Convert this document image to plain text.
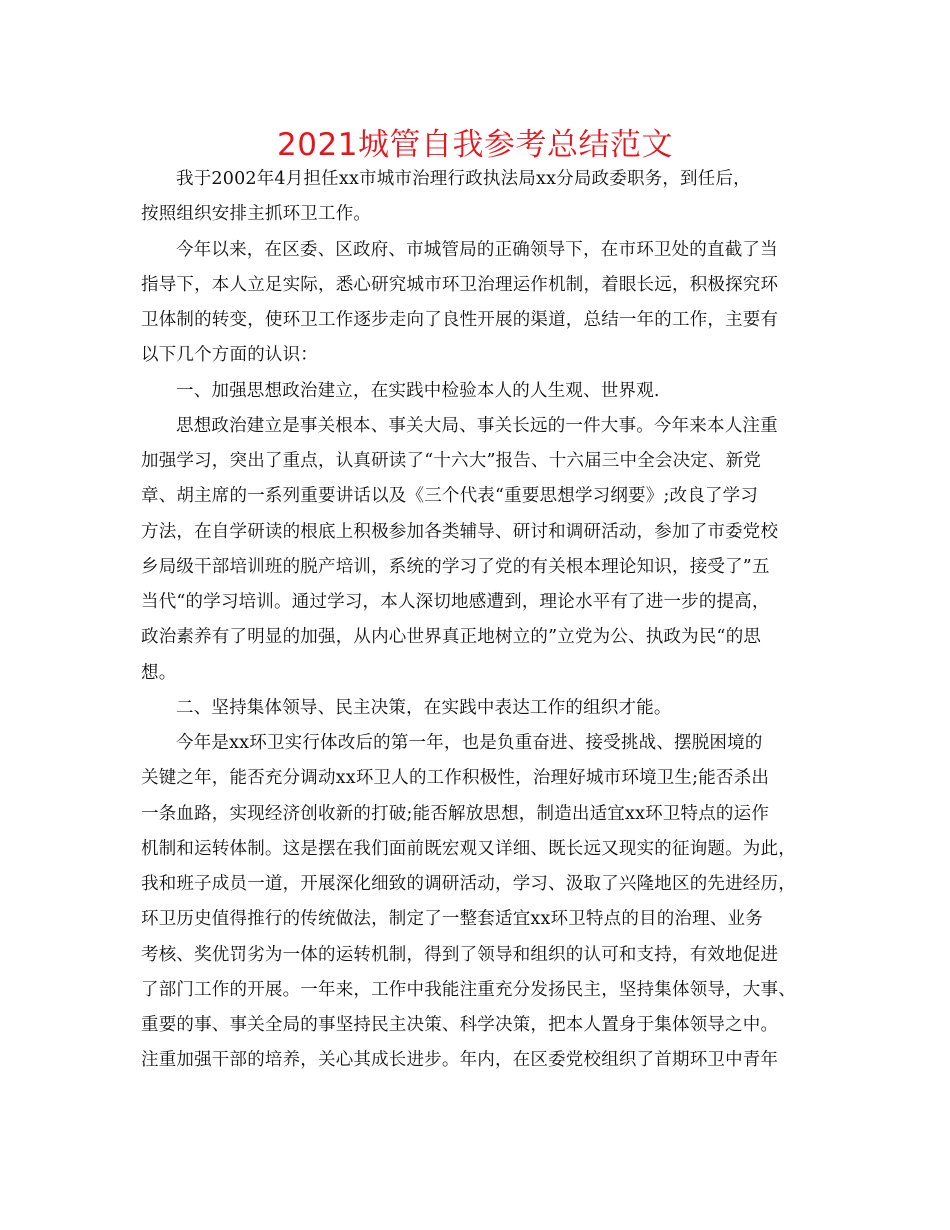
2021城管自我参考总结范文
我于2002年4月担任xx市城市治理行政执法局xx分局政委职务，到任后，
按照组织安排主抓环卫工作。
今年以来，在区委、区政府、市城管局的正确领导下，在市环卫处的直截了当
指导下，本人立足实际，悉心研究城市环卫治理运作机制，着眼长远，积极探究环
卫体制的转变，使环卫工作逐步走向了良性开展的渠道，总结一年的工作，主要有
以下几个方面的认识：
一、加强思想政治建立，在实践中检验本人的人生观、世界观.
思想政治建立是事关根本、事关大局、事关长远的一件大事。今年来本人注重
加强学习，突出了重点，认真研读了“十六大”报告、十六届三中全会决定、新党
章、胡主席的一系列重要讲话以及《三个代表“重要思想学习纲要》;改良了学习
方法，在自学研读的根底上积极参加各类辅导、研讨和调研活动，参加了市委党校
乡局级干部培训班的脱产培训，系统的学习了党的有关根本理论知识，接受了”五
当代“的学习培训。通过学习，本人深切地感遭到，理论水平有了进一步的提高，
政治素养有了明显的加强，从内心世界真正地树立的”立党为公、执政为民“的思
想。
二、坚持集体领导、民主决策，在实践中表达工作的组织才能。
今年是xx环卫实行体改后的第一年，也是负重奋进、接受挑战、摆脱困境的
关键之年，能否充分调动xx环卫人的工作积极性，治理好城市环境卫生;能否杀出
一条血路，实现经济创收新的打破;能否解放思想，制造出适宜xx环卫特点的运作
机制和运转体制。这是摆在我们面前既宏观又详细、既长远又现实的征询题。为此，
我和班子成员一道，开展深化细致的调研活动，学习、汲取了兴隆地区的先进经历，
环卫历史值得推行的传统做法，制定了一整套适宜xx环卫特点的目的治理、业务
考核、奖优罚劣为一体的运转机制，得到了领导和组织的认可和支持，有效地促进
了部门工作的开展。一年来，工作中我能注重充分发扬民主，坚持集体领导，大事、
重要的事、事关全局的事坚持民主决策、科学决策，把本人置身于集体领导之中。
注重加强干部的培养，关心其成长进步。年内，在区委党校组织了首期环卫中青年
